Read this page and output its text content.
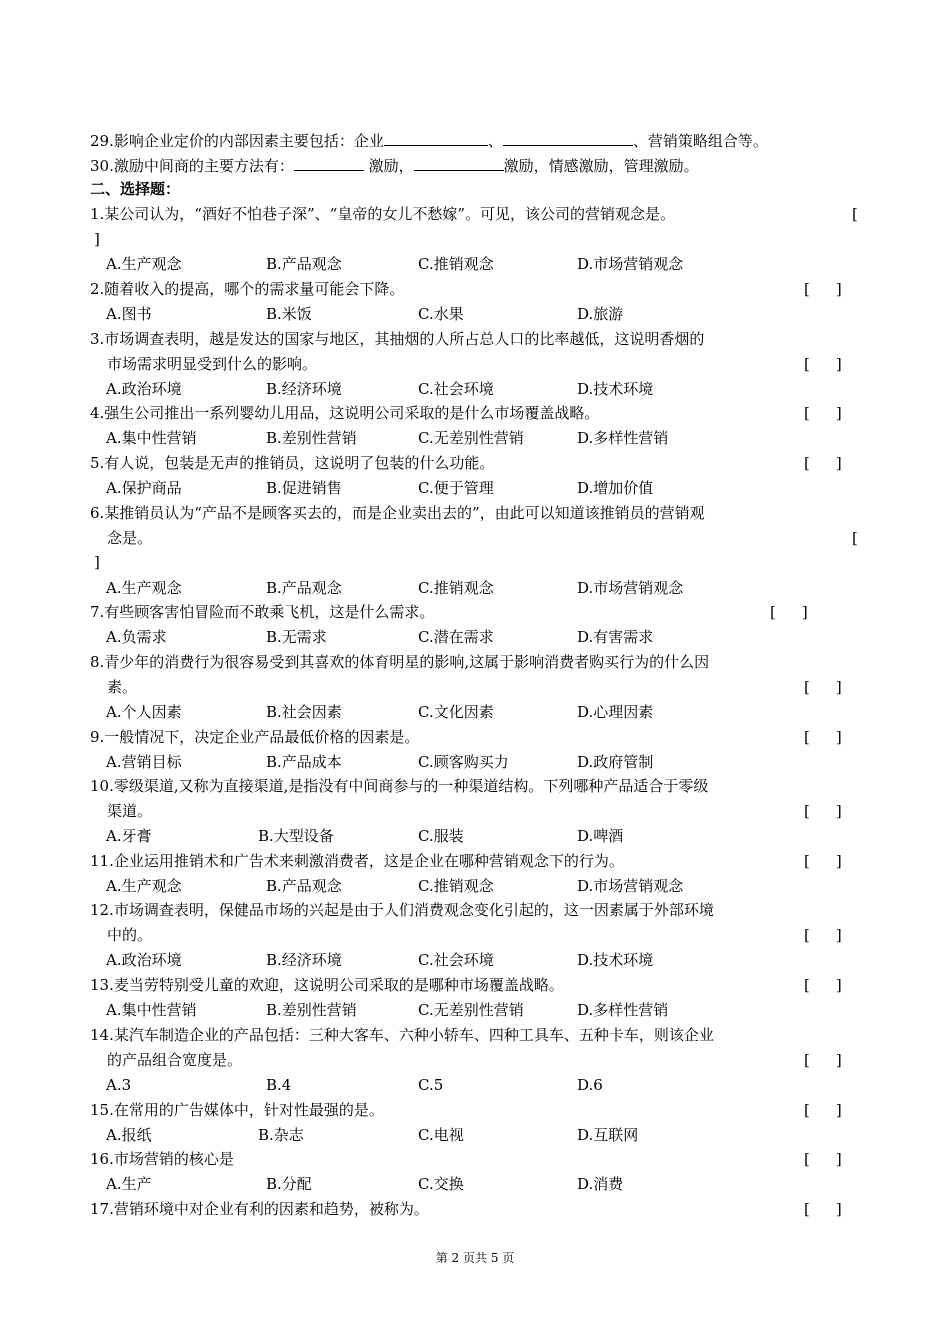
29.影响企业定价的内部因素主要包括：企业	、	、营销策略组合等。
30.激励中间商的主要方法有：	激励，	激励，情感激励，管理激励。
二、选择题：
1.某公司认为，“酒好不怕巷子深”、“皇帝的女儿不愁嫁”。可见，该公司的营销观念是。	[
]
A.生产观念	B.产品观念	C.推销观念	D.市场营销观念
2.随着收入的提高，哪个的需求量可能会下降。	[ ]
A.图书	B.米饭	C.水果	D.旅游
3.市场调查表明，越是发达的国家与地区，其抽烟的人所占总人口的比率越低，这说明香烟的
市场需求明显受到什么的影响。	[ ]
A.政治环境	B.经济环境	C.社会环境	D.技术环境
4.强生公司推出一系列婴幼儿用品，这说明公司采取的是什么市场覆盖战略。	[ ]
A.集中性营销	B.差别性营销	C.无差别性营销	D.多样性营销
5.有人说，包装是无声的推销员，这说明了包装的什么功能。	[ ]
A.保护商品	B.促进销售	C.便于管理	D.增加价值
6.某推销员认为“产品不是顾客买去的，而是企业卖出去的”，由此可以知道该推销员的营销观
念是。	[
]
A.生产观念	B.产品观念	C.推销观念	D.市场营销观念
7.有些顾客害怕冒险而不敢乘飞机，这是什么需求。	[ ]
A.负需求	B.无需求	C.潜在需求	D.有害需求
8.青少年的消费行为很容易受到其喜欢的体育明星的影响,这属于影响消费者购买行为的什么因
素。	[ ]
A.个人因素	B.社会因素	C.文化因素	D.心理因素
9.一般情况下，决定企业产品最低价格的因素是。	[ ]
A.营销目标	B.产品成本	C.顾客购买力	D.政府管制
10.零级渠道,又称为直接渠道,是指没有中间商参与的一种渠道结构。下列哪种产品适合于零级
渠道。	[ ]
A.牙膏	B.大型设备	C.服装	D.啤酒
11.企业运用推销术和广告术来刺激消费者，这是企业在哪种营销观念下的行为。	[ ]
A.生产观念	B.产品观念	C.推销观念	D.市场营销观念
12.市场调查表明，保健品市场的兴起是由于人们消费观念变化引起的，这一因素属于外部环境
中的。	[ ]
A.政治环境	B.经济环境	C.社会环境	D.技术环境
13.麦当劳特别受儿童的欢迎，这说明公司采取的是哪种市场覆盖战略。	[ ]
A.集中性营销	B.差别性营销	C.无差别性营销	D.多样性营销
14.某汽车制造企业的产品包括：三种大客车、六种小轿车、四种工具车、五种卡车，则该企业
的产品组合宽度是。	[ ]
A.3	B.4	C.5	D.6
15.在常用的广告媒体中，针对性最强的是。	[ ]
A.报纸	B.杂志	C.电视	D.互联网
16.市场营销的核心是	[ ]
A.生产	B.分配	C.交换	D.消费
17.营销环境中对企业有利的因素和趋势，被称为。	[ ]
第 2 页共 5 页
